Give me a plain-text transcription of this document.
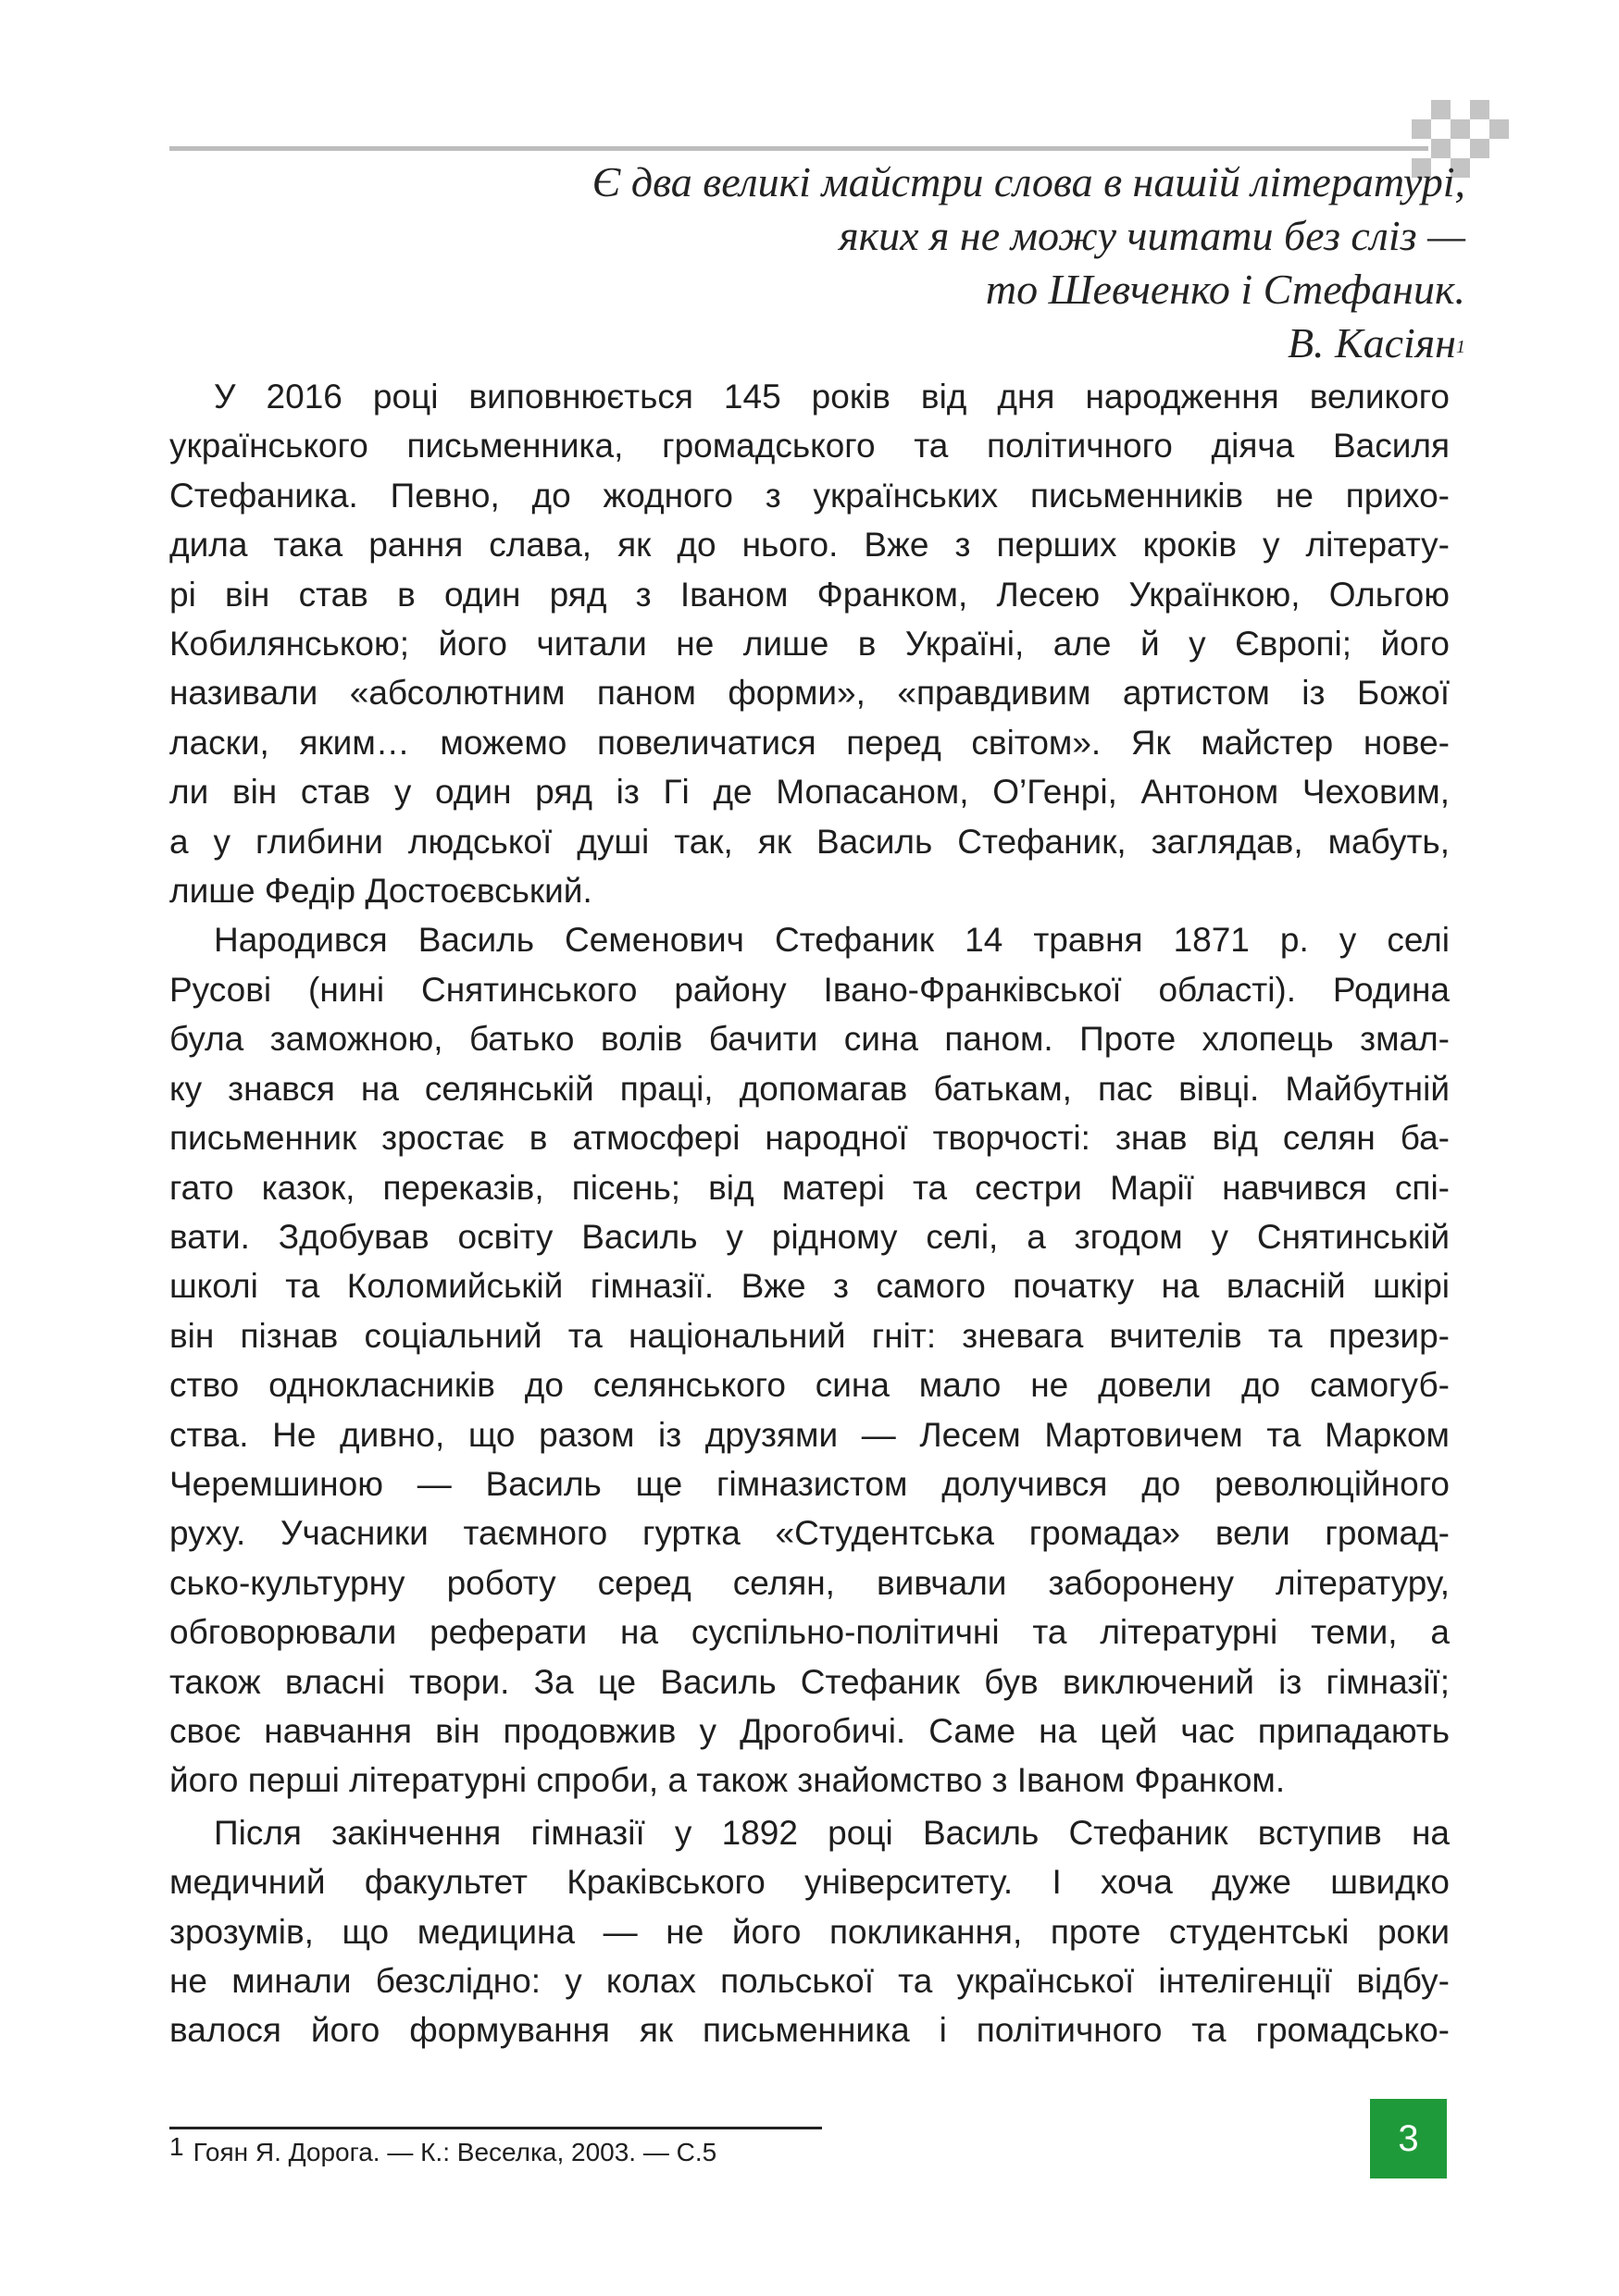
Є два великі майстри слова в нашій літературі,
яких я не можу читати без сліз —
то Шевченко і Стефаник.
В. Касіян$^1$
У 2016 році виповнюється 145 років від дня народження великого
українського письменника, громадського та політичного діяча Василя
Стефаника. Певно, до жодного з українських письменників не прихо-
дила така рання слава, як до нього. Вже з перших кроків у літерату-
рі він став в один ряд з Іваном Франком, Лесею Українкою, Ольгою
Кобилянською; його читали не лише в Україні, але й у Європі; його
називали «абсолютним паном форми», «правдивим артистом із Божої
ласки, яким… можемо повеличатися перед світом». Як майстер нове-
ли він став у один ряд із Гі де Мопасаном, О’Генрі, Антоном Чеховим,
а у глибини людської душі так, як Василь Стефаник, заглядав, мабуть,
лише Федір Достоєвський.
Народився Василь Семенович Стефаник 14 травня 1871 р. у селі
Русові (нині Снятинського району Івано-Франківської області). Родина
була заможною, батько волів бачити сина паном. Проте хлопець змал-
ку знався на селянській праці, допомагав батькам, пас вівці. Майбутній
письменник зростає в атмосфері народної творчості: знав від селян ба-
гато казок, переказів, пісень; від матері та сестри Марії навчився спі-
вати. Здобував освіту Василь у рідному селі, а згодом у Снятинській
школі та Коломийській гімназії. Вже з самого початку на власній шкірі
він пізнав соціальний та національний гніт: зневага вчителів та презир-
ство однокласників до селянського сина мало не довели до самогуб-
ства. Не дивно, що разом із друзями — Лесем Мартовичем та Марком
Черемшиною — Василь ще гімназистом долучився до революційного
руху. Учасники таємного гуртка «Студентська громада» вели громад-
сько-культурну роботу серед селян, вивчали заборонену літературу,
обговорювали реферати на суспільно-політичні та літературні теми, а
також власні твори. За це Василь Стефаник був виключений із гімназії;
своє навчання він продовжив у Дрогобичі. Саме на цей час припадають
його перші літературні спроби, а також знайомство з Іваном Франком.
Після закінчення гімназії у 1892 році Василь Стефаник вступив на
медичний факультет Краківського університету. І хоча дуже швидко
зрозумів, що медицина — не його покликання, проте студентські роки
не минали безслідно: у колах польської та української інтелігенції відбу-
валося його формування як письменника і політичного та громадсько-
1 Гоян Я. Дорога. — К.: Веселка, 2003. — С.5	3
